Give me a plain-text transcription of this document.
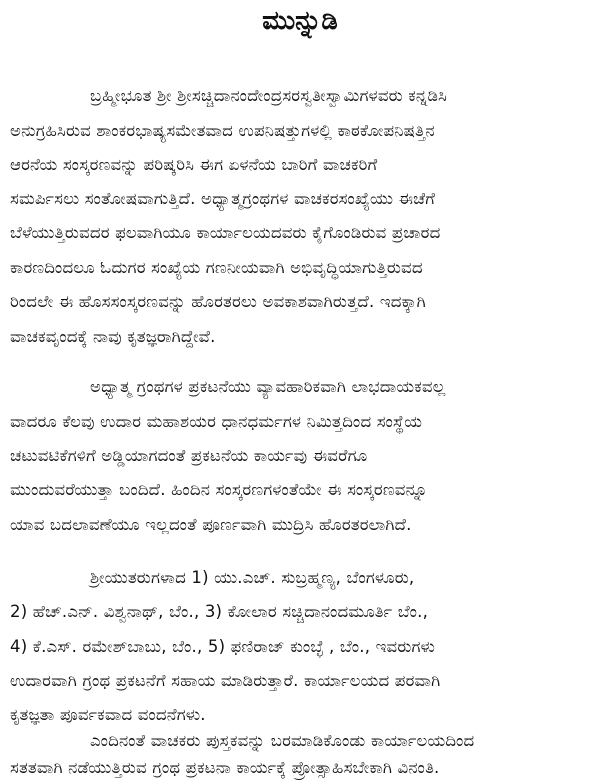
ಮುನ್ನುಡಿ
ಬ್ರಹ್ಮೀಭೂತ ಶ್ರೀ ಶ್ರೀಸಚ್ಚಿದಾನಂದೇಂದ್ರಸರಸ್ವತೀಸ್ವಾಮಿಗಳವರು ಕನ್ನಡಿಸಿ
ಅನುಗ್ರಹಿಸಿರುವ ಶಾಂಕರಭಾಷ್ಯಸಮೇತವಾದ ಉಪನಿಷತ್ತುಗಳಲ್ಲಿ ಕಾಠಕೋಪನಿಷತ್ತಿನ
ಆರನೆಯ ಸಂಸ್ಕರಣವನ್ನು ಪರಿಷ್ಕರಿಸಿ ಈಗ ಏಳನೆಯ ಬಾರಿಗೆ ವಾಚಕರಿಗೆ
ಸಮರ್ಪಿಸಲು ಸಂತೋಷವಾಗುತ್ತಿದೆ. ಅಧ್ಯಾತ್ಮಗ್ರಂಥಗಳ ವಾಚಕರಸಂಖ್ಯೆಯು ಈಚೆಗೆ
ಬೆಳೆಯುತ್ತಿರುವದರ ಫಲವಾಗಿಯೂ ಕಾರ್ಯಾಲಯದವರು ಕೈಗೊಂಡಿರುವ ಪ್ರಚಾರದ
ಕಾರಣದಿಂದಲೂ ಓದುಗರ ಸಂಖ್ಯೆಯ ಗಣನೀಯವಾಗಿ ಅಭಿವೃದ್ಧಿಯಾಗುತ್ತಿರುವದ
ರಿಂದಲೇ ಈ ಹೊಸಸಂಸ್ಕರಣವನ್ನು ಹೊರತರಲು ಅವಕಾಶವಾಗಿರುತ್ತದೆ. ಇದಕ್ಕಾಗಿ
ವಾಚಕವೃಂದಕ್ಕೆ ನಾವು ಕೃತಜ್ಞರಾಗಿದ್ದೇವೆ.
ಅಧ್ಯಾತ್ಮ ಗ್ರಂಥಗಳ ಪ್ರಕಟನೆಯು ವ್ಯಾವಹಾರಿಕವಾಗಿ ಲಾಭದಾಯಕವಲ್ಲ
ವಾದರೂ ಕೆಲವು ಉದಾರ ಮಹಾಶಯರ ಧಾನಧರ್ಮಗಳ ನಿಮಿತ್ತದಿಂದ ಸಂಸ್ಥೆಯ
ಚಟುವಟಿಕೆಗಳಿಗೆ ಅಡ್ಡಿಯಾಗದಂತೆ ಪ್ರಕಟನೆಯ ಕಾರ್ಯವು ಈವರೆಗೂ
ಮುಂದುವರೆಯುತ್ತಾ ಬಂದಿದೆ. ಹಿಂದಿನ ಸಂಸ್ಕರಣಗಳಂತೆಯೇ ಈ ಸಂಸ್ಕರಣವನ್ನೂ
ಯಾವ ಬದಲಾವಣೆಯೂ ಇಲ್ಲದಂತೆ ಪೂರ್ಣವಾಗಿ ಮುದ್ರಿಸಿ ಹೊರತರಲಾಗಿದೆ.
ಶ್ರೀಯುತರುಗಳಾದ 1) ಯು.ಎಚ್. ಸುಬ್ರಹ್ಮಣ್ಯ, ಬೆಂಗಳೂರು,
2) ಹೆಚ್.ಎನ್. ವಿಶ್ವನಾಥ್, ಬೆಂ., 3) ಕೋಲಾರ ಸಚ್ಚಿದಾನಂದಮೂರ್ತಿ ಬೆಂ.,
4) ಕೆ.ಎಸ್. ರಮೇಶ್‌ಬಾಬು, ಬೆಂ., 5) ಫಣಿರಾಜ್ ಕುಂಬ್ಳೆ , ಬೆಂ., ಇವರುಗಳು
ಉದಾರವಾಗಿ ಗ್ರಂಥ ಪ್ರಕಟನೆಗೆ ಸಹಾಯ ಮಾಡಿರುತ್ತಾರೆ. ಕಾರ್ಯಾಲಯದ ಪರವಾಗಿ
ಕೃತಜ್ಞತಾ ಪೂರ್ವಕವಾದ ವಂದನೆಗಳು.
ಎಂದಿನಂತೆ ವಾಚಕರು ಪುಸ್ತಕವನ್ನು ಬರಮಾಡಿಕೊಂಡು ಕಾರ್ಯಾಲಯದಿಂದ
ಸತತವಾಗಿ ನಡೆಯುತ್ತಿರುವ ಗ್ರಂಥ ಪ್ರಕಟನಾ ಕಾರ್ಯಕ್ಕೆ ಪ್ರೋತ್ಸಾಹಿಸಬೇಕಾಗಿ ವಿನಂತಿ.
